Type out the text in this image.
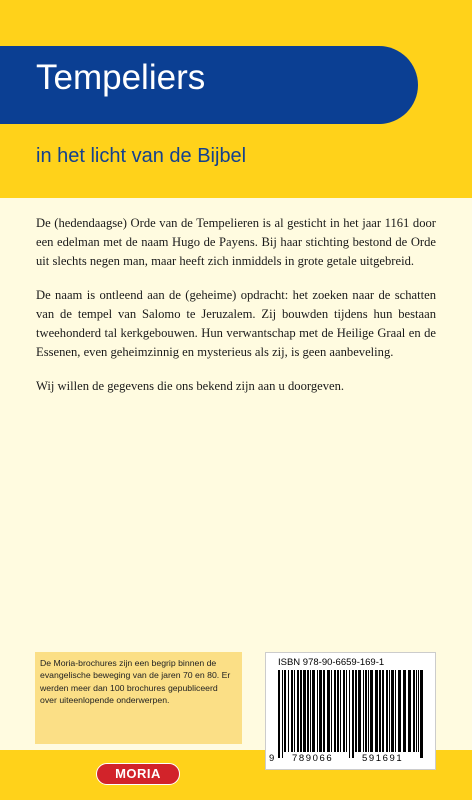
Tempeliers
in het licht van de Bijbel

De (hedendaagse) Orde van de Tempelieren is al gesticht in het jaar 1161 door een edelman met de naam Hugo de Payens. Bij haar stichting bestond de Orde uit slechts negen man, maar heeft zich inmiddels in grote getale uitgebreid.

De naam is ontleend aan de (geheime) opdracht: het zoeken naar de schatten van de tempel van Salomo te Jeruzalem. Zij bouwden tijdens hun bestaan tweehonderd tal kerkgebouwen. Hun verwantschap met de Heilige Graal en de Essenen, even geheimzinnig en mysterieus als zij, is geen aanbeveling.

Wij willen de gegevens die ons bekend zijn aan u doorgeven.

De Moria-brochures zijn een begrip binnen de evangelische beweging van de jaren 70 en 80. Er werden meer dan 100 brochures gepubliceerd over uiteenlopende onderwerpen.
MORIA
ISBN 978-90-6659-169-1
9 789066	591691
